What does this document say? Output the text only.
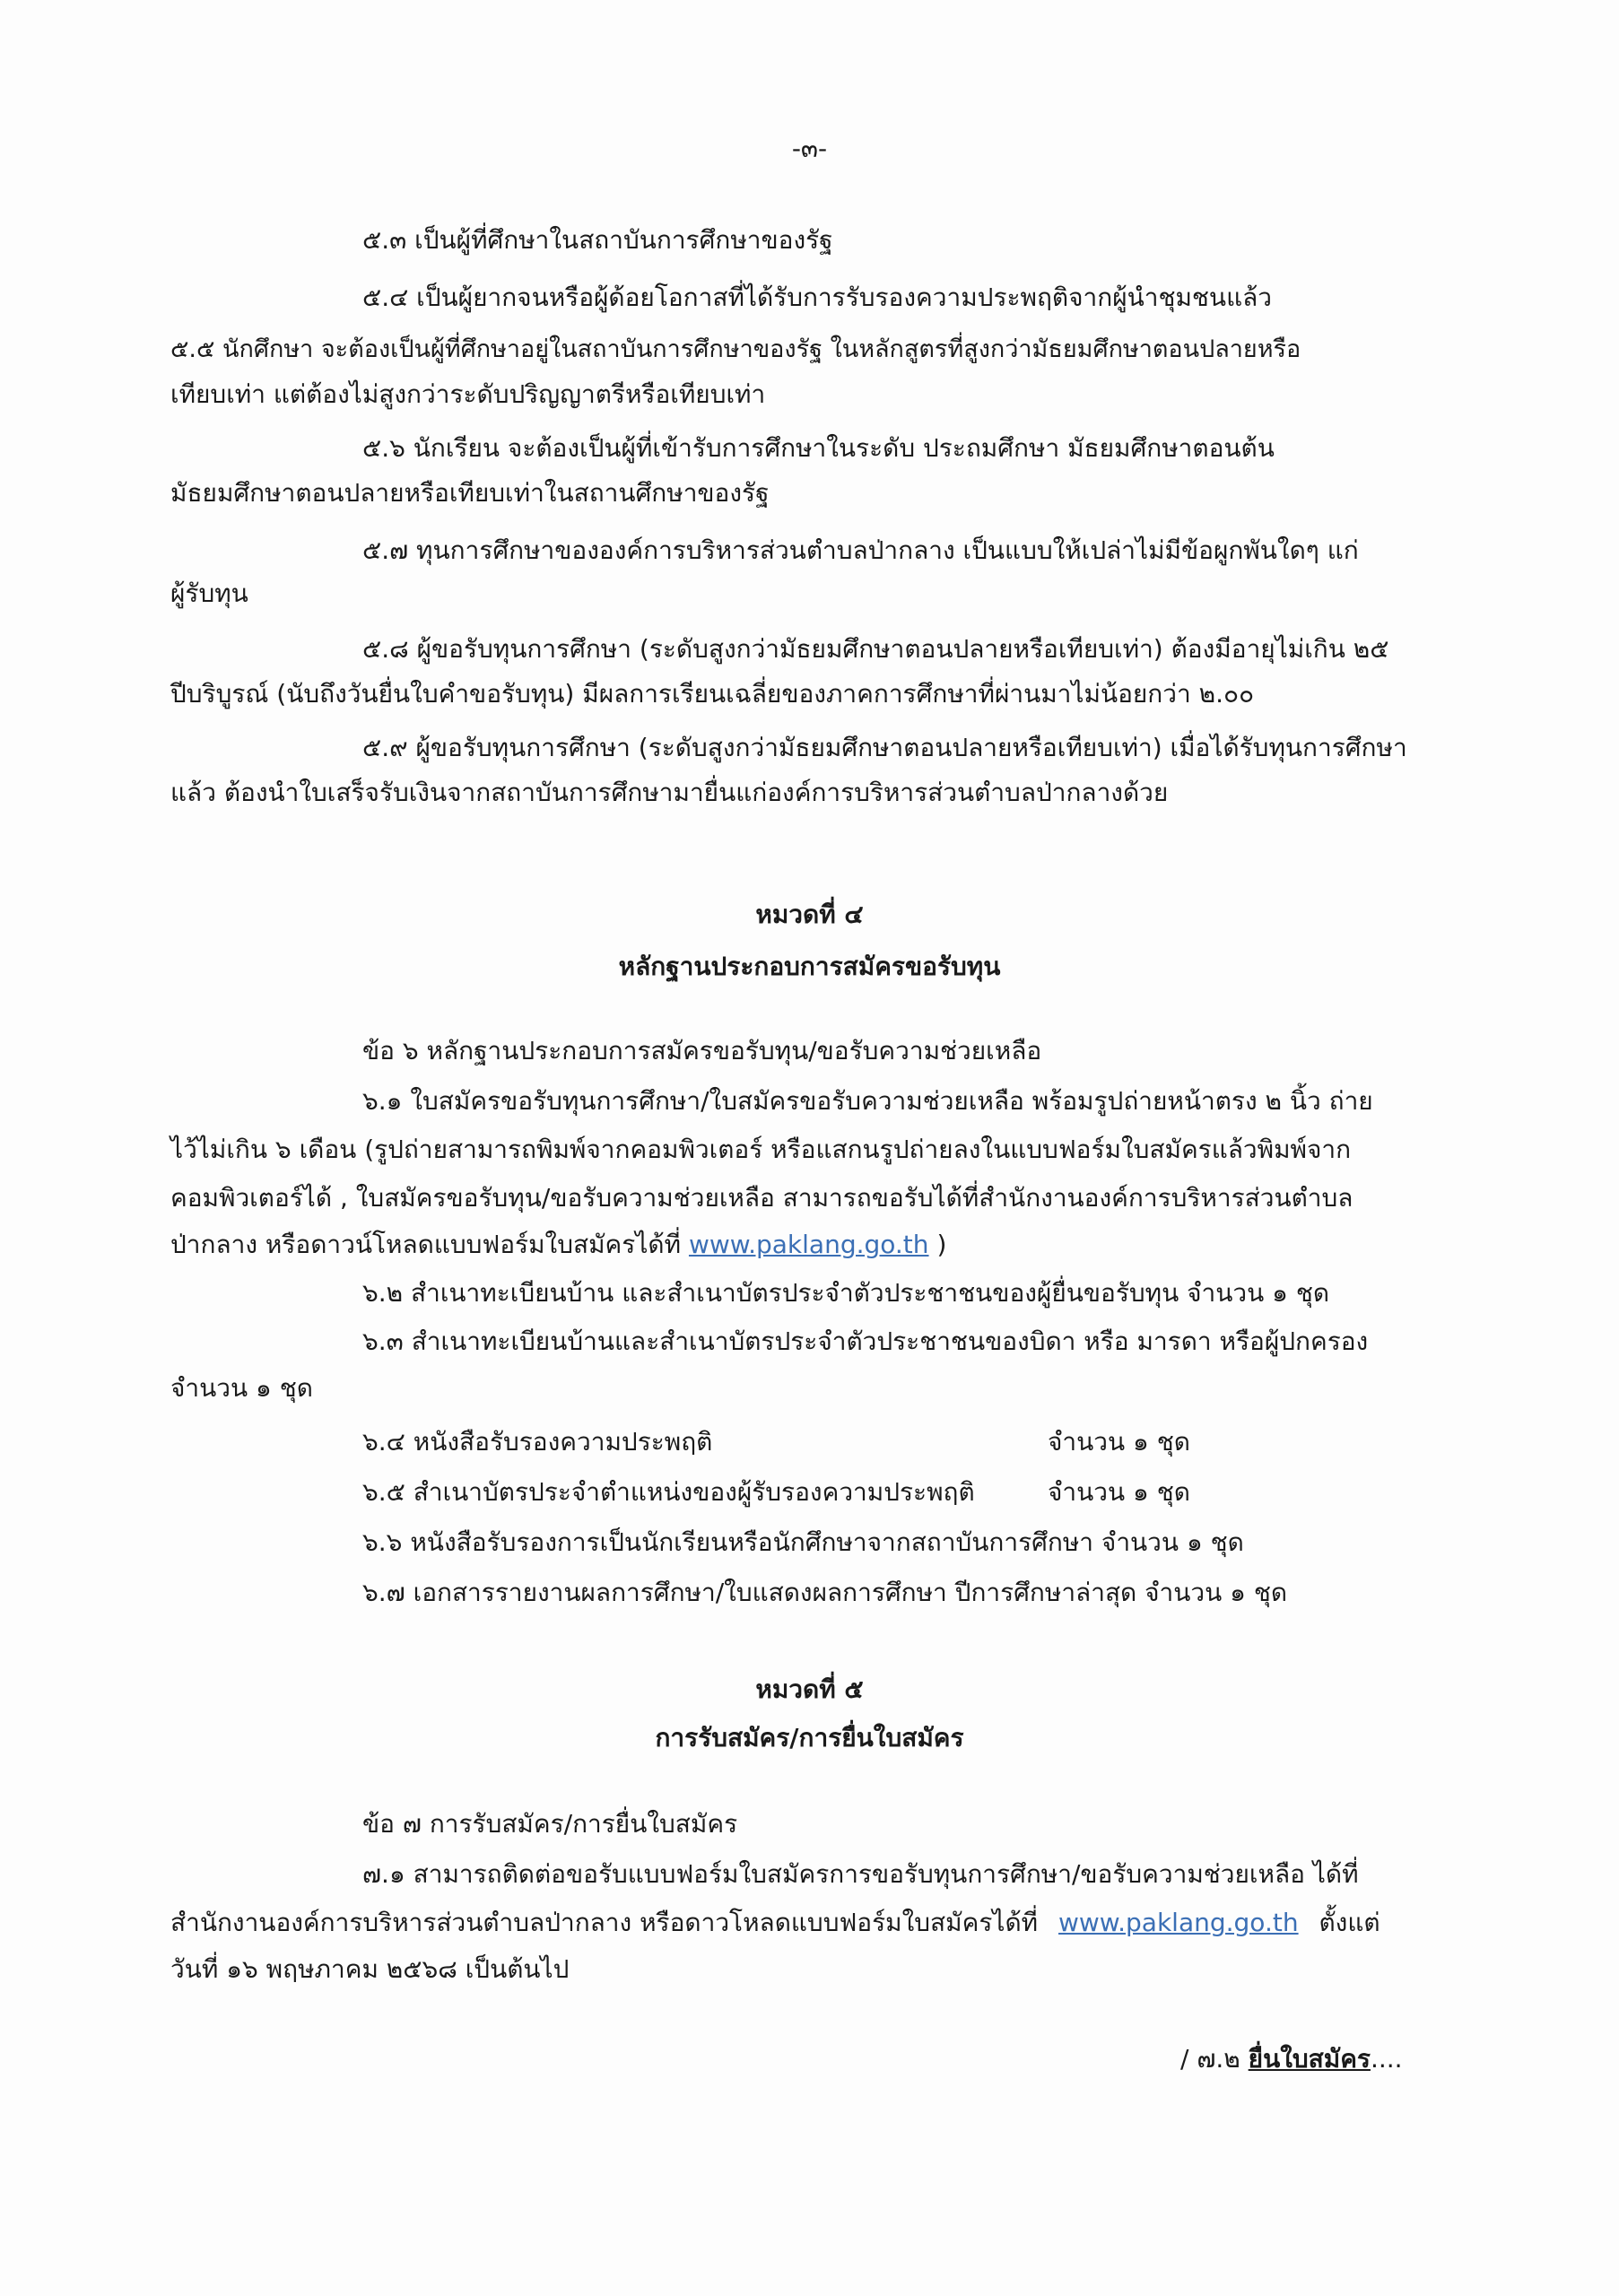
-๓-
๕.๓ เป็นผู้ที่ศึกษาในสถาบันการศึกษาของรัฐ
๕.๔ เป็นผู้ยากจนหรือผู้ด้อยโอกาสที่ได้รับการรับรองความประพฤติจากผู้นำชุมชนแล้ว
๕.๕ นักศึกษา จะต้องเป็นผู้ที่ศึกษาอยู่ในสถาบันการศึกษาของรัฐ ในหลักสูตรที่สูงกว่ามัธยมศึกษาตอนปลายหรือ
เทียบเท่า แต่ต้องไม่สูงกว่าระดับปริญญาตรีหรือเทียบเท่า
๕.๖ นักเรียน จะต้องเป็นผู้ที่เข้ารับการศึกษาในระดับ ประถมศึกษา มัธยมศึกษาตอนต้น
มัธยมศึกษาตอนปลายหรือเทียบเท่าในสถานศึกษาของรัฐ
๕.๗ ทุนการศึกษาขององค์การบริหารส่วนตำบลป่ากลาง เป็นแบบให้เปล่าไม่มีข้อผูกพันใดๆ แก่
ผู้รับทุน
๕.๘ ผู้ขอรับทุนการศึกษา (ระดับสูงกว่ามัธยมศึกษาตอนปลายหรือเทียบเท่า) ต้องมีอายุไม่เกิน ๒๕
ปีบริบูรณ์ (นับถึงวันยื่นใบคำขอรับทุน) มีผลการเรียนเฉลี่ยของภาคการศึกษาที่ผ่านมาไม่น้อยกว่า ๒.๐๐
๕.๙ ผู้ขอรับทุนการศึกษา (ระดับสูงกว่ามัธยมศึกษาตอนปลายหรือเทียบเท่า) เมื่อได้รับทุนการศึกษา
แล้ว ต้องนำใบเสร็จรับเงินจากสถาบันการศึกษามายื่นแก่องค์การบริหารส่วนตำบลป่ากลางด้วย
หมวดที่ ๔
หลักฐานประกอบการสมัครขอรับทุน
ข้อ ๖ หลักฐานประกอบการสมัครขอรับทุน/ขอรับความช่วยเหลือ
๖.๑ ใบสมัครขอรับทุนการศึกษา/ใบสมัครขอรับความช่วยเหลือ พร้อมรูปถ่ายหน้าตรง ๒ นิ้ว ถ่าย
ไว้ไม่เกิน ๖ เดือน (รูปถ่ายสามารถพิมพ์จากคอมพิวเตอร์ หรือแสกนรูปถ่ายลงในแบบฟอร์มใบสมัครแล้วพิมพ์จาก
คอมพิวเตอร์ได้ , ใบสมัครขอรับทุน/ขอรับความช่วยเหลือ สามารถขอรับได้ที่สำนักงานองค์การบริหารส่วนตำบล
ป่ากลาง หรือดาวน์โหลดแบบฟอร์มใบสมัครได้ที่ www.paklang.go.th )
๖.๒ สำเนาทะเบียนบ้าน และสำเนาบัตรประจำตัวประชาชนของผู้ยื่นขอรับทุน จำนวน ๑ ชุด
๖.๓ สำเนาทะเบียนบ้านและสำเนาบัตรประจำตัวประชาชนของบิดา หรือ มารดา หรือผู้ปกครอง
จำนวน ๑ ชุด
๖.๔ หนังสือรับรองความประพฤติ	จำนวน ๑ ชุด
๖.๕ สำเนาบัตรประจำตำแหน่งของผู้รับรองความประพฤติ	จำนวน ๑ ชุด
๖.๖ หนังสือรับรองการเป็นนักเรียนหรือนักศึกษาจากสถาบันการศึกษา จำนวน ๑ ชุด
๖.๗ เอกสารรายงานผลการศึกษา/ใบแสดงผลการศึกษา ปีการศึกษาล่าสุด จำนวน ๑ ชุด
หมวดที่ ๕
การรับสมัคร/การยื่นใบสมัคร
ข้อ ๗ การรับสมัคร/การยื่นใบสมัคร
๗.๑ สามารถติดต่อขอรับแบบฟอร์มใบสมัครการขอรับทุนการศึกษา/ขอรับความช่วยเหลือ ได้ที่
สำนักงานองค์การบริหารส่วนตำบลป่ากลาง หรือดาวโหลดแบบฟอร์มใบสมัครได้ที่ www.paklang.go.th ตั้งแต่
วันที่ ๑๖ พฤษภาคม ๒๕๖๘ เป็นต้นไป
/ ๗.๒ ยื่นใบสมัคร....
